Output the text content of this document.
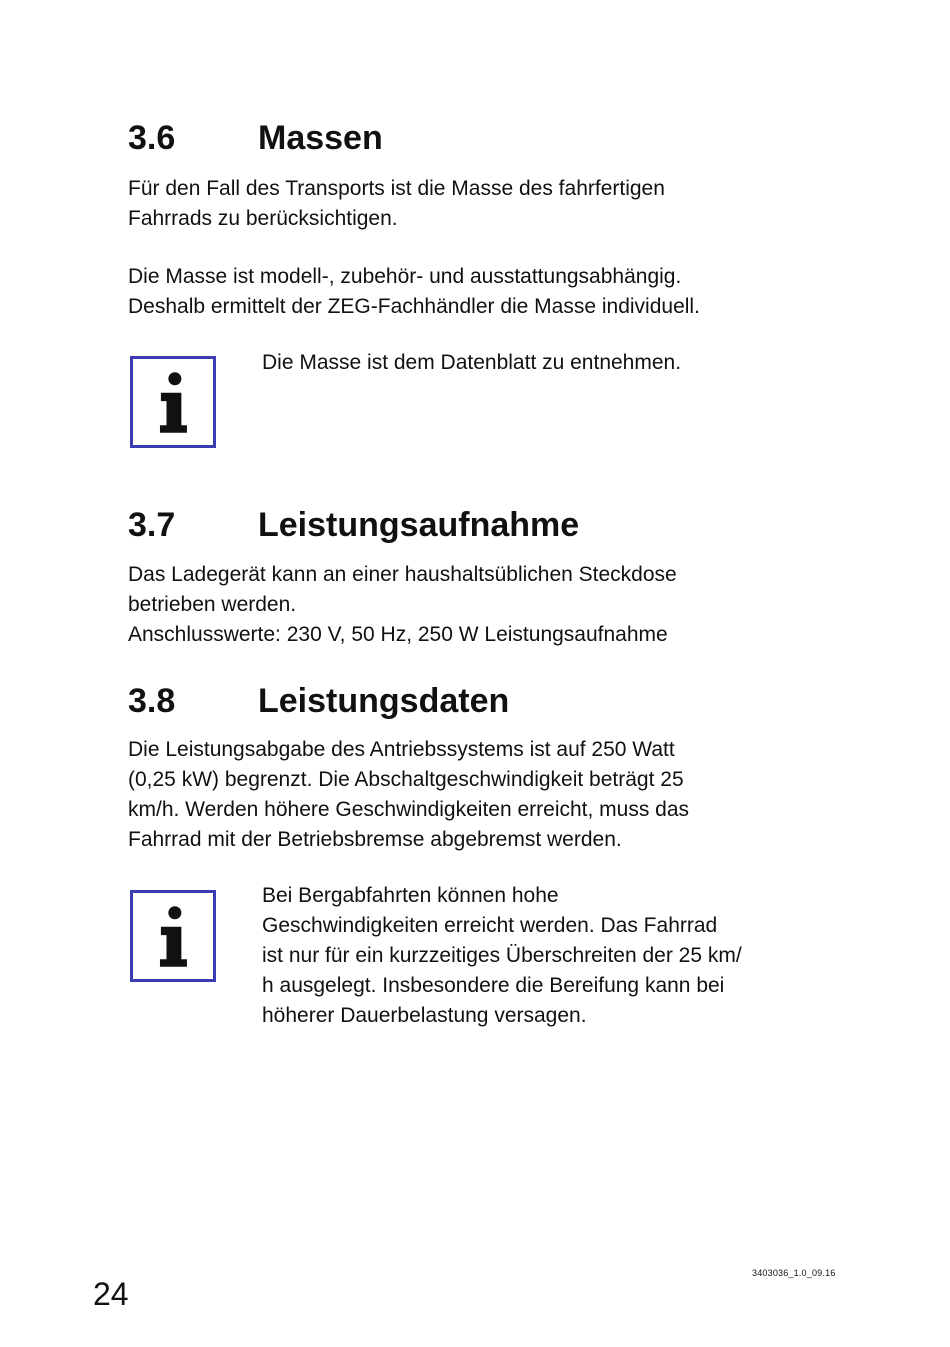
3.6 Massen
Für den Fall des Transports ist die Masse des fahrfertigen
Fahrrads zu berücksichtigen.
Die Masse ist modell-, zubehör- und ausstattungsabhängig.
Deshalb ermittelt der ZEG-Fachhändler die Masse individuell.
Die Masse ist dem Datenblatt zu entnehmen.
3.7 Leistungsaufnahme
Das Ladegerät kann an einer haushaltsüblichen Steckdose
betrieben werden.
Anschlusswerte: 230 V, 50 Hz, 250 W Leistungsaufnahme
3.8 Leistungsdaten
Die Leistungsabgabe des Antriebssystems ist auf 250 Watt
(0,25 kW) begrenzt. Die Abschaltgeschwindigkeit beträgt 25
km/h. Werden höhere Geschwindigkeiten erreicht, muss das
Fahrrad mit der Betriebsbremse abgebremst werden.
Bei Bergabfahrten können hohe
Geschwindigkeiten erreicht werden. Das Fahrrad
ist nur für ein kurzzeitiges Überschreiten der 25 km/
h ausgelegt. Insbesondere die Bereifung kann bei
höherer Dauerbelastung versagen.
24
3403036_1.0_09.16
